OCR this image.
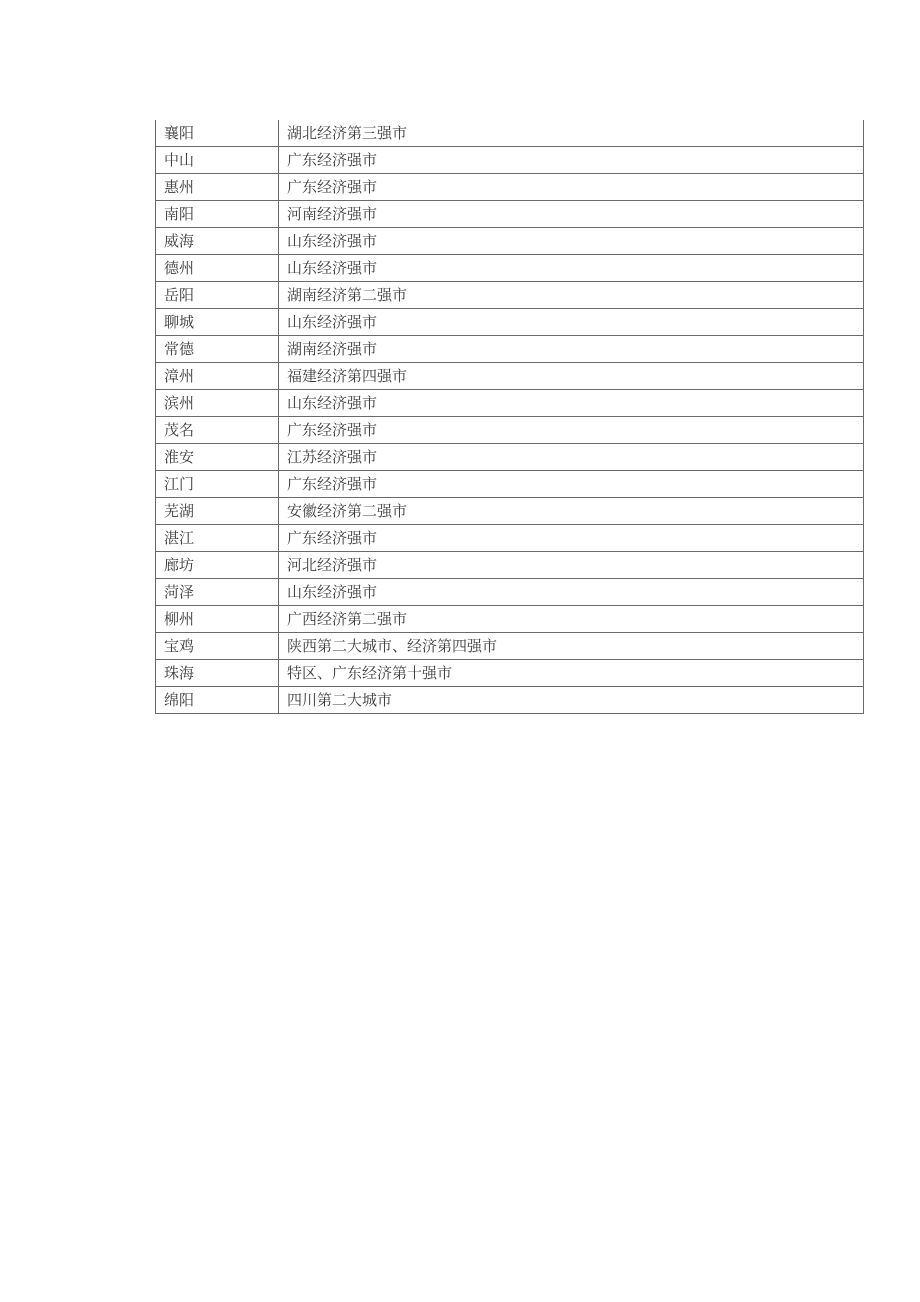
襄阳	湖北经济第三强市
中山	广东经济强市
惠州	广东经济强市
南阳	河南经济强市
威海	山东经济强市
德州	山东经济强市
岳阳	湖南经济第二强市
聊城	山东经济强市
常德	湖南经济强市
漳州	福建经济第四强市
滨州	山东经济强市
茂名	广东经济强市
淮安	江苏经济强市
江门	广东经济强市
芜湖	安徽经济第二强市
湛江	广东经济强市
廊坊	河北经济强市
菏泽	山东经济强市
柳州	广西经济第二强市
宝鸡	陕西第二大城市、经济第四强市
珠海	特区、广东经济第十强市
绵阳	四川第二大城市
